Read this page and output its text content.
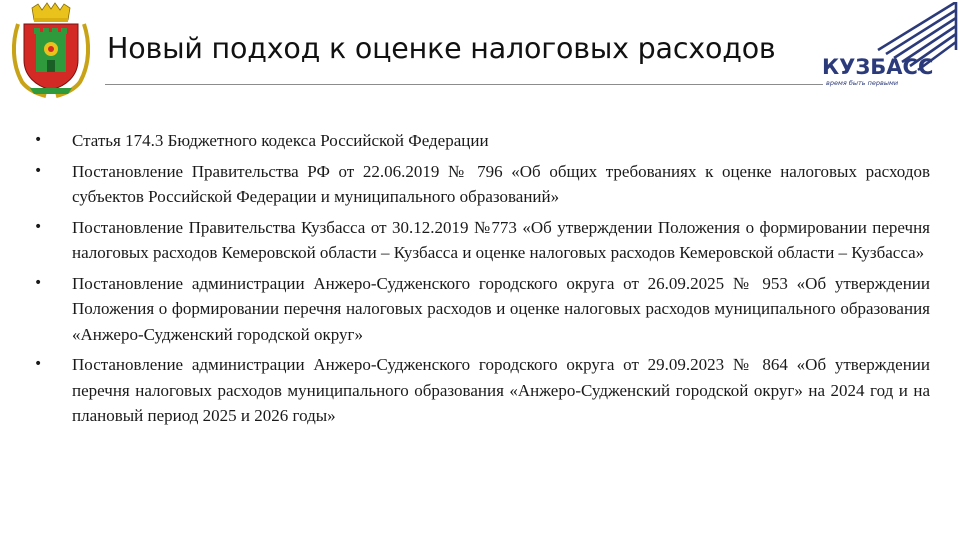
Новый подход к оценке налоговых расходов
КУЗБАСС
время быть первыми
• Статья 174.3 Бюджетного кодекса Российской Федерации
• Постановление Правительства РФ от 22.06.2019 № 796 «Об общих требованиях к оценке налоговых расходов субъектов Российской Федерации и муниципального образований»
• Постановление Правительства Кузбасса от 30.12.2019 №773 «Об утверждении Положения о формировании перечня налоговых расходов Кемеровской области – Кузбасса и оценке налоговых расходов Кемеровской области – Кузбасса»
• Постановление администрации Анжеро-Судженского городского округа от 26.09.2025 № 953 «Об утверждении Положения о формировании перечня налоговых расходов и оценке налоговых расходов муниципального образования «Анжеро-Судженский городской округ»
• Постановление администрации Анжеро-Судженского городского округа от 29.09.2023 № 864 «Об утверждении перечня налоговых расходов муниципального образования «Анжеро-Судженский городской округ» на 2024 год и на плановый период 2025 и 2026 годы»
